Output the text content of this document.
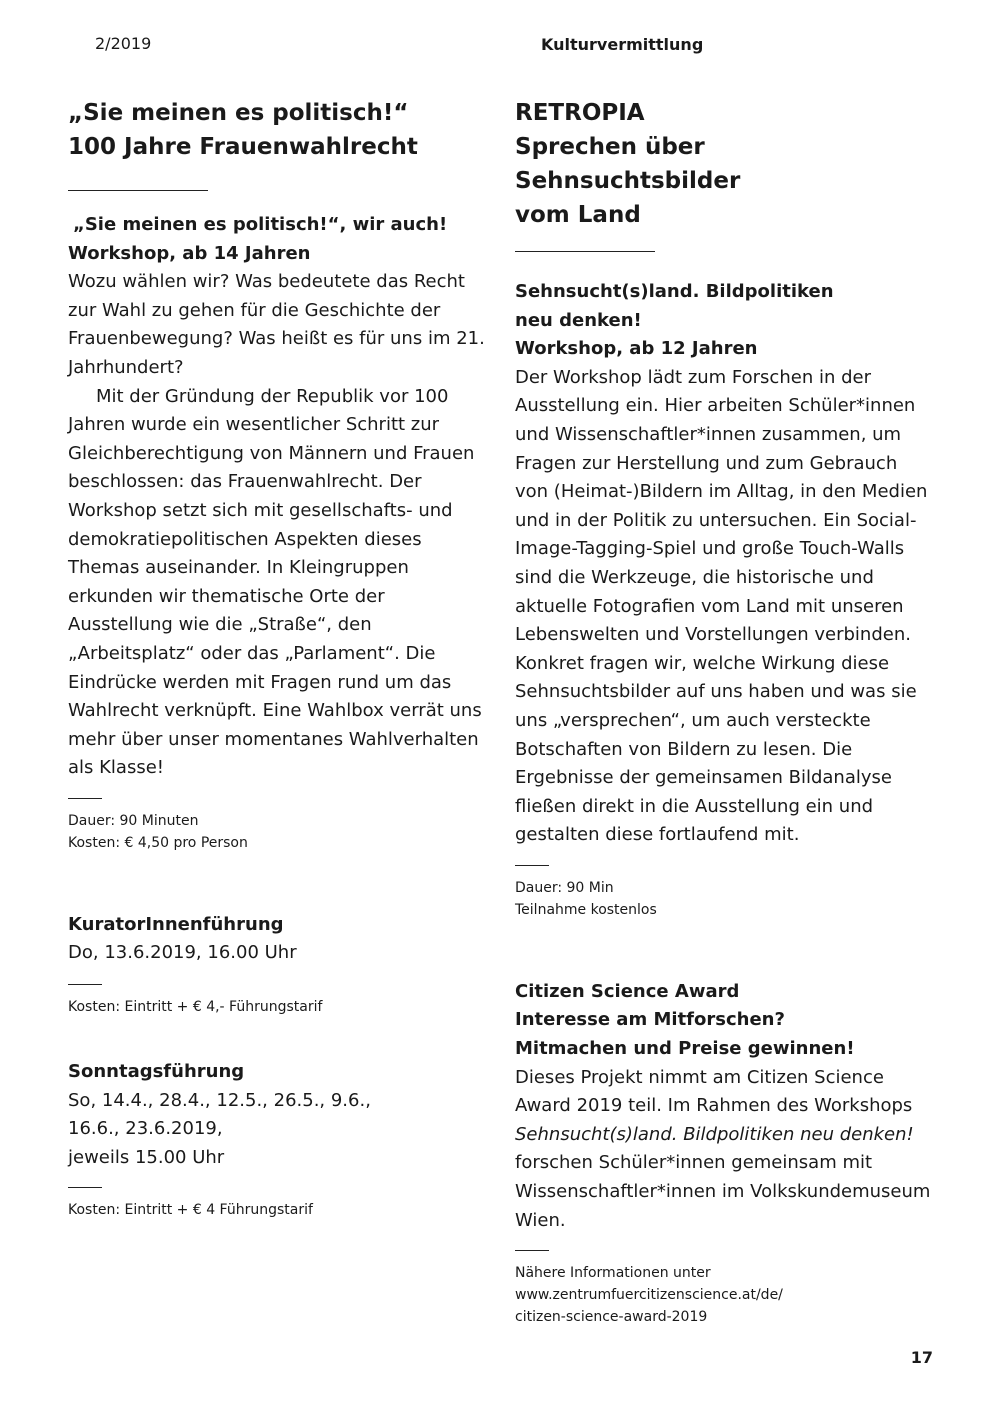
2/2019	Kulturvermittlung

„Sie meinen es politisch!“

100 Jahre Frauenwahlrecht

„Sie meinen es politisch!“, wir auch!

Workshop, ab 14 Jahren

Wozu wählen wir? Was bedeutete das Recht zur Wahl zu gehen für die Geschichte der Frauenbewegung? Was heißt es für uns im 21. Jahrhundert?

Mit der Gründung der Republik vor 100 Jahren wurde ein wesentlicher Schritt zur Gleichberechtigung von Männern und Frauen beschlossen: das Frauenwahlrecht. Der Workshop setzt sich mit gesellschafts- und demokratiepolitischen Aspekten dieses Themas auseinander. In Kleingruppen erkunden wir thematische Orte der Ausstellung wie die „Straße“, den „Arbeitsplatz“ oder das „Parlament“. Die Eindrücke werden mit Fragen rund um das Wahlrecht verknüpft. Eine Wahlbox verrät uns mehr über unser momentanes Wahlverhalten als Klasse!

Dauer: 90 Minuten

Kosten: € 4,50 pro Person

KuratorInnenführung

Do, 13.6.2019, 16.00 Uhr

Kosten: Eintritt + € 4,- Führungstarif

Sonntagsführung

So, 14.4., 28.4., 12.5., 26.5., 9.6.,

16.6., 23.6.2019,

jeweils 15.00 Uhr

Kosten: Eintritt + € 4 Führungstarif

RETROPIA

Sprechen über Sehnsuchtsbilder

vom Land

Sehnsucht(s)land. Bildpolitiken

neu denken!

Workshop, ab 12 Jahren

Der Workshop lädt zum Forschen in der Ausstellung ein. Hier arbeiten Schüler*innen und Wissenschaftler*innen zusammen, um Fragen zur Herstellung und zum Gebrauch von (Heimat-)Bildern im Alltag, in den Medien und in der Politik zu untersuchen. Ein Social-Image-Tagging-Spiel und große Touch-Walls sind die Werkzeuge, die historische und aktuelle Fotografien vom Land mit unseren Lebenswelten und Vorstellungen verbinden. Konkret fragen wir, welche Wirkung diese Sehnsuchtsbilder auf uns haben und was sie uns „versprechen“, um auch versteckte Botschaften von Bildern zu lesen. Die Ergebnisse der gemeinsamen Bildanalyse fließen direkt in die Ausstellung ein und gestalten diese fortlaufend mit.

Dauer: 90 Min

Teilnahme kostenlos

Citizen Science Award

Interesse am Mitforschen?

Mitmachen und Preise gewinnen!

Dieses Projekt nimmt am Citizen Science Award 2019 teil. Im Rahmen des Workshops Sehnsucht(s)land. Bildpolitiken neu denken! forschen Schüler*innen gemeinsam mit Wissenschaftler*innen im Volkskundemuseum Wien.

Nähere Informationen unter

www.zentrumfuercitizenscience.at/de/

citizen-science-award-2019

17
